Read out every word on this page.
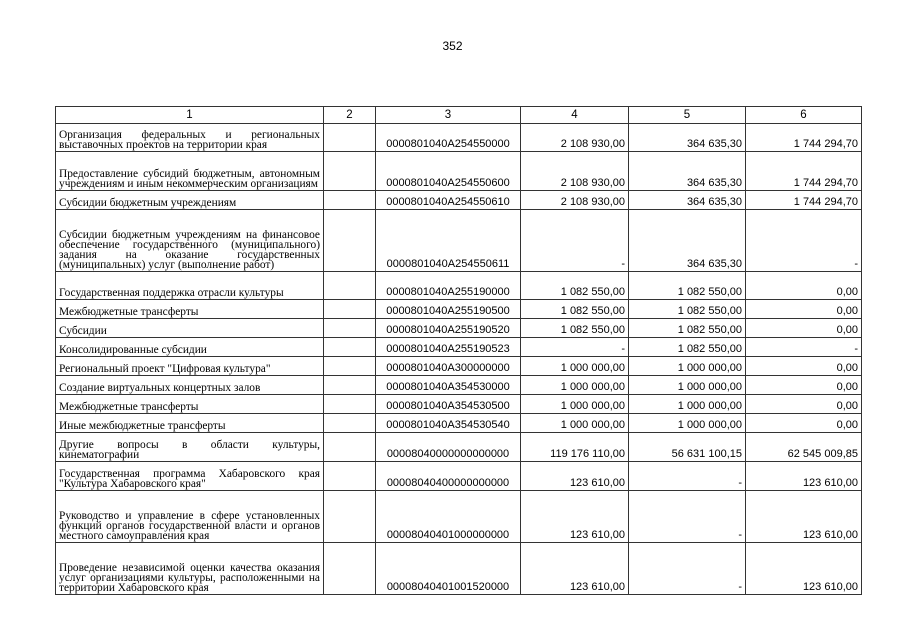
352
1	2	3	4	5	6
Организация федеральных и региональных выставочных проектов на территории края		0000801040A254550000	2 108 930,00	364 635,30	1 744 294,70
Предоставление субсидий бюджетным, автономным учреждениям и иным некоммерческим организациям		0000801040A254550600	2 108 930,00	364 635,30	1 744 294,70
Субсидии бюджетным учреждениям		0000801040A254550610	2 108 930,00	364 635,30	1 744 294,70
Субсидии бюджетным учреждениям на финансовое обеспечение государственного (муниципального) задания на оказание государственных (муниципальных) услуг (выполнение работ)		0000801040A254550611	-	364 635,30	-
Государственная поддержка отрасли культуры		0000801040A255190000	1 082 550,00	1 082 550,00	0,00
Межбюджетные трансферты		0000801040A255190500	1 082 550,00	1 082 550,00	0,00
Субсидии		0000801040A255190520	1 082 550,00	1 082 550,00	0,00
Консолидированные субсидии		0000801040A255190523	-	1 082 550,00	-
Региональный проект "Цифровая культура"		0000801040A300000000	1 000 000,00	1 000 000,00	0,00
Создание виртуальных концертных залов		0000801040A354530000	1 000 000,00	1 000 000,00	0,00
Межбюджетные трансферты		0000801040A354530500	1 000 000,00	1 000 000,00	0,00
Иные межбюджетные трансферты		0000801040A354530540	1 000 000,00	1 000 000,00	0,00
Другие вопросы в области культуры, кинематографии		00008040000000000000	119 176 110,00	56 631 100,15	62 545 009,85
Государственная программа Хабаровского края "Культура Хабаровского края"		00008040400000000000	123 610,00	-	123 610,00
Руководство и управление в сфере установленных функций органов государственной власти и органов местного самоуправления края		00008040401000000000	123 610,00	-	123 610,00
Проведение независимой оценки качества оказания услуг организациями культуры, расположенными на территории Хабаровского края		00008040401001520000	123 610,00	-	123 610,00
